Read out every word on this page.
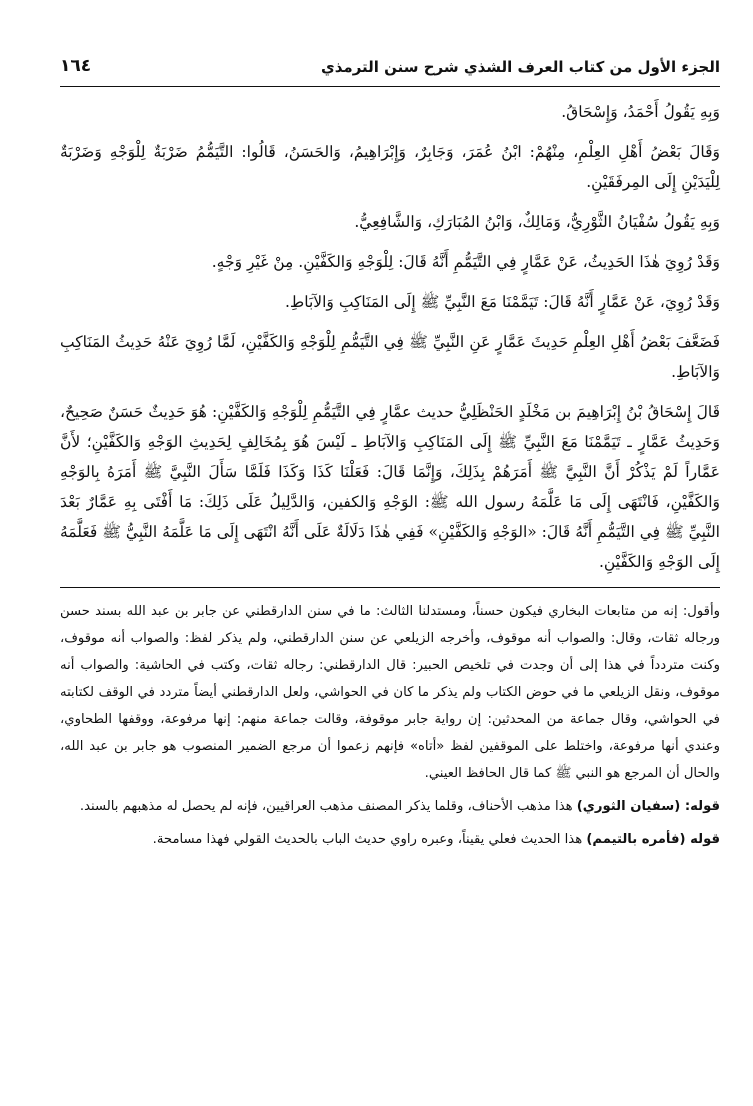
الجزء الأول من كتاب العرف الشذي شرح سنن الترمذي
١٦٤

وَبِهِ يَقُولُ أَحْمَدُ، وَإِسْحَاقُ.

وَقَالَ بَعْضُ أَهْلِ العِلْمِ، مِنْهُمْ: ابْنُ عُمَرَ، وَجَابِرٌ، وَإِبْرَاهِيمُ، وَالحَسَنُ، قَالُوا: التَّيَمُّمُ ضَرْبَةٌ لِلْوَجْهِ وَضَرْبَةٌ لِلْيَدَيْنِ إِلَى المِرفَقَيْنِ.

وَبِهِ يَقُولُ سُفْيَانُ الثَّوْرِيُّ، وَمَالِكٌ، وَابْنُ المُبَارَكِ، وَالشَّافِعِيُّ.

وَقَدْ رُوِيَ هٰذَا الحَدِيثُ، عَنْ عَمَّارٍ فِي التَّيَمُّمِ أَنَّهُ قَالَ: لِلْوَجْهِ وَالكَفَّيْنِ. مِنْ غَيْرِ وَجْهٍ.

وَقَدْ رُوِيَ، عَنْ عَمَّارٍ أَنَّهُ قَالَ: تَيَمَّمْنَا مَعَ النَّبِيِّ ﷺ إِلَى المَنَاكِبِ وَالآبَاطِ.

فَضَعَّفَ بَعْضُ أَهْلِ العِلْمِ حَدِيثَ عَمَّارٍ عَنِ النَّبِيِّ ﷺ فِي التَّيَمُّمِ لِلْوَجْهِ وَالكَفَّيْنِ، لَمَّا رُوِيَ عَنْهُ حَدِيثُ المَنَاكِبِ وَالآبَاطِ.

قَالَ إِسْحَاقُ بْنُ إِبْرَاهِيمَ بن مَخْلَدٍ الحَنْظَلِيُّ حديث عمَّارٍ فِي التَّيَمُّمِ لِلْوَجْهِ وَالكَفَّيْنِ: هُوَ حَدِيثٌ حَسَنٌ صَحِيحٌ، وَحَدِيثُ عَمَّارٍ ـ تَيَمَّمْنَا مَعَ النَّبِيِّ ﷺ إِلَى المَنَاكِبِ وَالآبَاطِ ـ لَيْسَ هُوَ بِمُخَالِفٍ لِحَدِيثِ الوَجْهِ وَالكَفَّيْنِ؛ لأَنَّ عَمَّاراً لَمْ يَذْكُرْ أَنَّ النَّبِيَّ ﷺ أَمَرَهُمْ بِذَلِكَ، وَإِنَّمَا قَالَ: فَعَلْنَا كَذَا وَكَذَا فَلَمَّا سَأَلَ النَّبِيَّ ﷺ أَمَرَهُ بِالوَجْهِ وَالكَفَّيْنِ، فَانْتَهَى إِلَى مَا عَلَّمَهُ رسول الله ﷺ: الوَجْهِ وَالكفين، وَالدَّلِيلُ عَلَى ذَلِكَ: مَا أَفْتَى بِهِ عَمَّارٌ بَعْدَ النَّبِيِّ ﷺ فِي التَّيَمُّمِ أَنَّهُ قَالَ: «الوَجْهِ وَالكَفَّيْنِ» فَفِي هٰذَا دَلَالَةٌ عَلَى أَنَّهُ انْتَهَى إِلَى مَا عَلَّمَهُ النَّبِيُّ ﷺ فَعَلَّمَهُ إِلَى الوَجْهِ وَالكَفَّيْنِ.

وأقول: إنه من متابعات البخاري فيكون حسناً، ومستدلنا الثالث: ما في سنن الدارقطني عن جابر بن عبد الله بسند حسن ورجاله ثقات، وقال: والصواب أنه موقوف، وأخرجه الزيلعي عن سنن الدارقطني، ولم يذكر لفظ: والصواب أنه موقوف، وكنت متردداً في هذا إلى أن وجدت في تلخيص الحبير: قال الدارقطني: رجاله ثقات، وكتب في الحاشية: والصواب أنه موقوف، ونقل الزيلعي ما في حوض الكتاب ولم يذكر ما كان في الحواشي، ولعل الدارقطني أيضاً متردد في الوقف لكتابته في الحواشي، وقال جماعة من المحدثين: إن رواية جابر موقوفة، وقالت جماعة منهم: إنها مرفوعة، ووقفها الطحاوي، وعندي أنها مرفوعة، واختلط على الموقفين لفظ «أتاه» فإنهم زعموا أن مرجع الضمير المنصوب هو جابر بن عبد الله، والحال أن المرجع هو النبي ﷺ كما قال الحافظ العيني.

قوله: (سفيان الثوري) هذا مذهب الأحناف، وقلما يذكر المصنف مذهب العراقيين، فإنه لم يحصل له مذهبهم بالسند.

قوله (فأمره بالتيمم) هذا الحديث فعلي يقيناً، وعبره راوي حديث الباب بالحديث القولي فهذا مسامحة.
